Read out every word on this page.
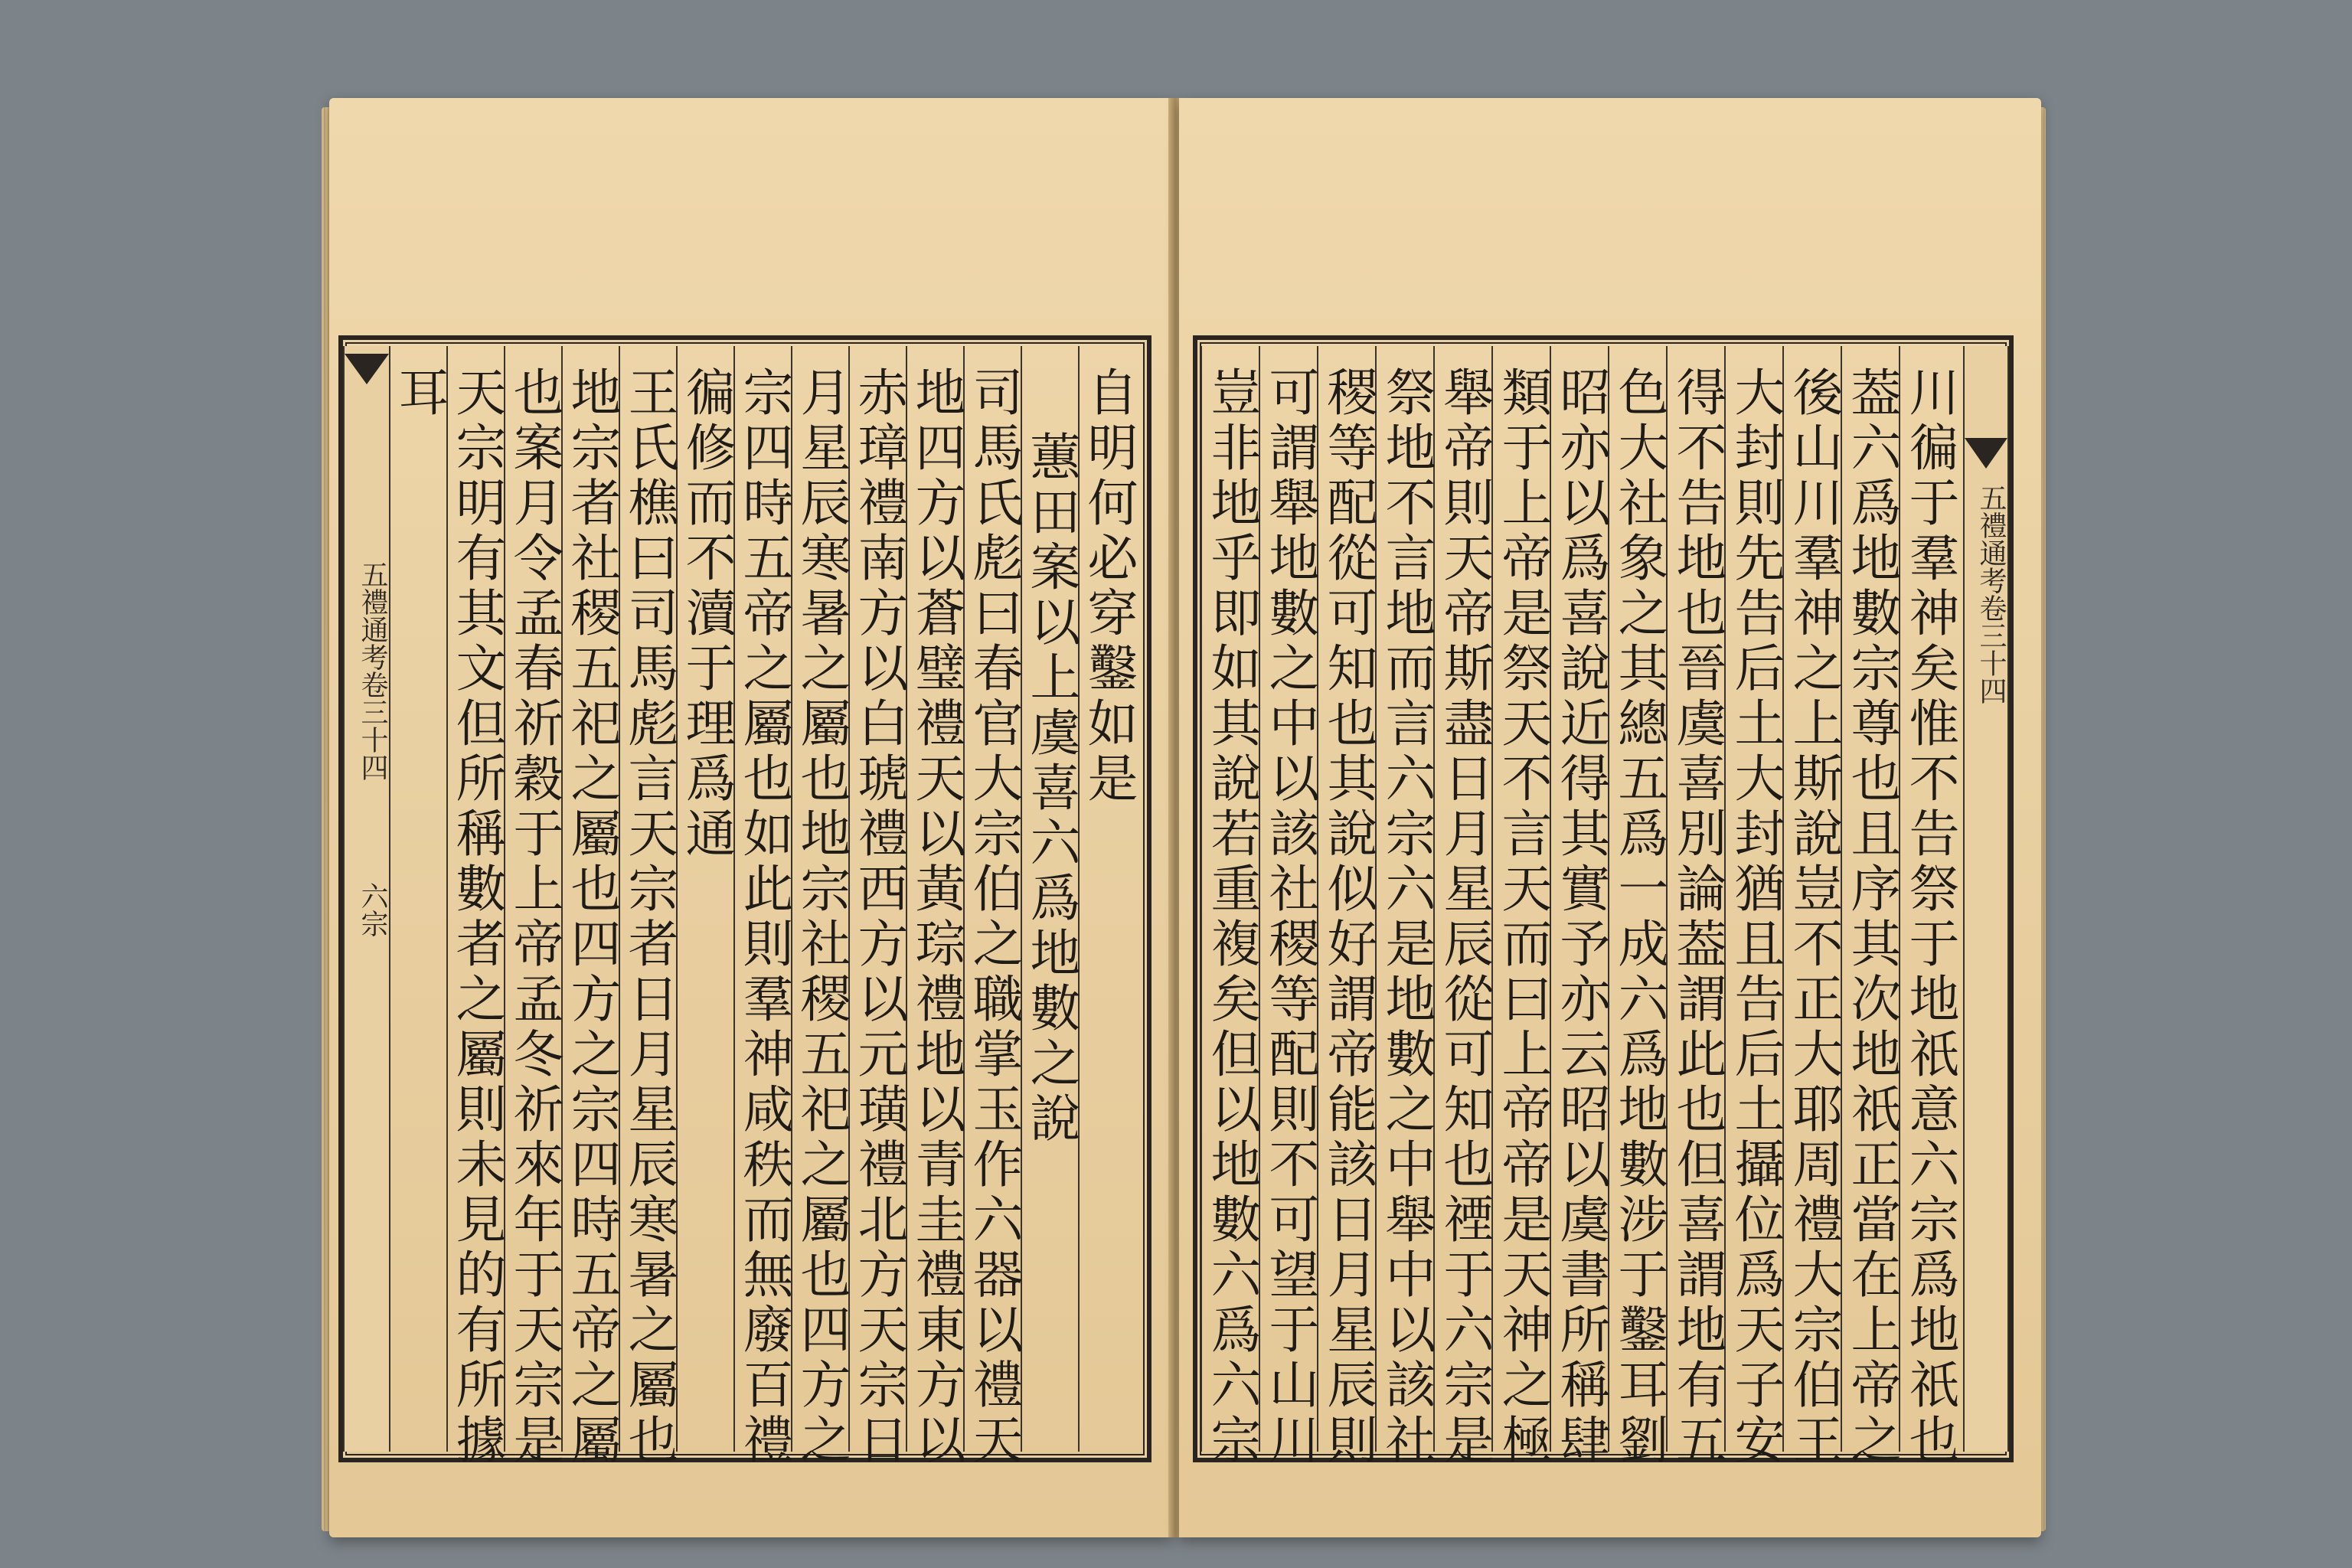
五禮通考卷三十四
六宗
自明何必穿鑿如是
蕙田案以上虞喜六爲地數之說
司馬氏彪曰春官大宗伯之職掌玉作六器以禮天
地四方以蒼璧禮天以黃琮禮地以青圭禮東方以
赤璋禮南方以白琥禮西方以元璜禮北方天宗日
月星辰寒暑之屬也地宗社稷五祀之屬也四方之
宗四時五帝之屬也如此則羣神咸秩而無廢百禮
徧修而不瀆于理爲通
王氏樵曰司馬彪言天宗者日月星辰寒暑之屬也
地宗者社稷五祀之屬也四方之宗四時五帝之屬
也案月令孟春祈穀于上帝孟冬祈來年于天宗是
天宗明有其文但所稱數者之屬則未見的有所據
耳
五禮通考卷三十四
川徧于羣神矣惟不告祭于地祇意六宗爲地祇也
葢六爲地數宗尊也且序其次地祇正當在上帝之
後山川羣神之上斯說豈不正大耶周禮大宗伯王
大封則先告后土大封猶且告后土攝位爲天子安
得不告地也晉虞喜別論葢謂此也但喜謂地有五
色大社象之其總五爲一成六爲地數涉于鑿耳劉
昭亦以爲喜說近得其實予亦云昭以虞書所稱肆
類于上帝是祭天不言天而曰上帝帝是天神之極
舉帝則天帝斯盡日月星辰從可知也禋于六宗是
祭地不言地而言六宗六是地數之中舉中以該社
稷等配從可知也其說似好謂帝能該日月星辰則
可謂舉地數之中以該社稷等配則不可望于山川
豈非地乎即如其說若重複矣但以地數六爲六宗
